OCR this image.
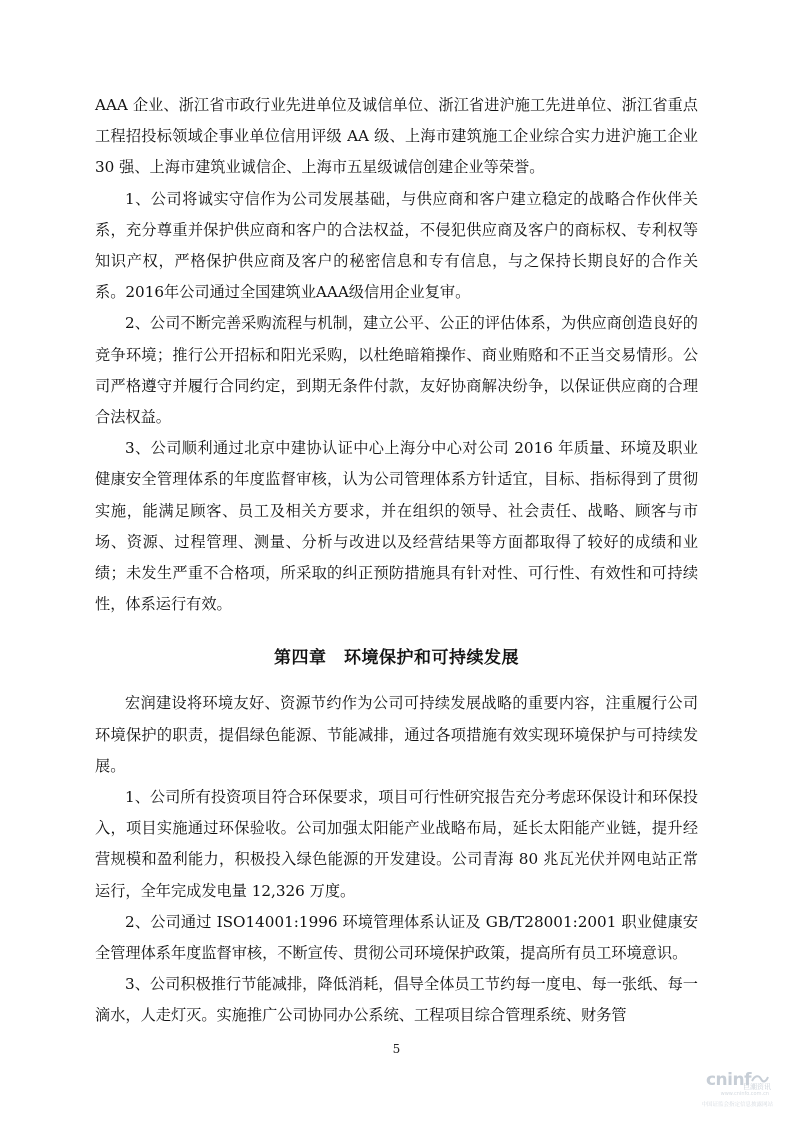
AAA 企业、浙江省市政行业先进单位及诚信单位、浙江省进沪施工先进单位、浙江省重点工程招投标领域企事业单位信用评级 AA 级、上海市建筑施工企业综合实力进沪施工企业 30 强、上海市建筑业诚信企、上海市五星级诚信创建企业等荣誉。

1、公司将诚实守信作为公司发展基础，与供应商和客户建立稳定的战略合作伙伴关系，充分尊重并保护供应商和客户的合法权益，不侵犯供应商及客户的商标权、专利权等知识产权，严格保护供应商及客户的秘密信息和专有信息，与之保持长期良好的合作关系。2016年公司通过全国建筑业AAA级信用企业复审。

2、公司不断完善采购流程与机制，建立公平、公正的评估体系，为供应商创造良好的竞争环境；推行公开招标和阳光采购，以杜绝暗箱操作、商业贿赂和不正当交易情形。公司严格遵守并履行合同约定，到期无条件付款，友好协商解决纷争，以保证供应商的合理合法权益。

3、公司顺利通过北京中建协认证中心上海分中心对公司 2016 年质量、环境及职业健康安全管理体系的年度监督审核，认为公司管理体系方针适宜，目标、指标得到了贯彻实施，能满足顾客、员工及相关方要求，并在组织的领导、社会责任、战略、顾客与市场、资源、过程管理、测量、分析与改进以及经营结果等方面都取得了较好的成绩和业绩；未发生严重不合格项，所采取的纠正预防措施具有针对性、可行性、有效性和可持续性，体系运行有效。

第四章　环境保护和可持续发展

宏润建设将环境友好、资源节约作为公司可持续发展战略的重要内容，注重履行公司环境保护的职责，提倡绿色能源、节能减排，通过各项措施有效实现环境保护与可持续发展。

1、公司所有投资项目符合环保要求，项目可行性研究报告充分考虑环保设计和环保投入，项目实施通过环保验收。公司加强太阳能产业战略布局，延长太阳能产业链，提升经营规模和盈利能力，积极投入绿色能源的开发建设。公司青海 80 兆瓦光伏并网电站正常运行，全年完成发电量 12,326 万度。

2、公司通过 ISO14001:1996 环境管理体系认证及 GB/T28001:2001 职业健康安全管理体系年度监督审核，不断宣传、贯彻公司环境保护政策，提高所有员工环境意识。

3、公司积极推行节能减排，降低消耗，倡导全体员工节约每一度电、每一张纸、每一滴水，人走灯灭。实施推广公司协同办公系统、工程项目综合管理系统、财务管

5
cninf
巨潮资讯
www.cninfo.com.cn
中国证监会指定信息披露网站
